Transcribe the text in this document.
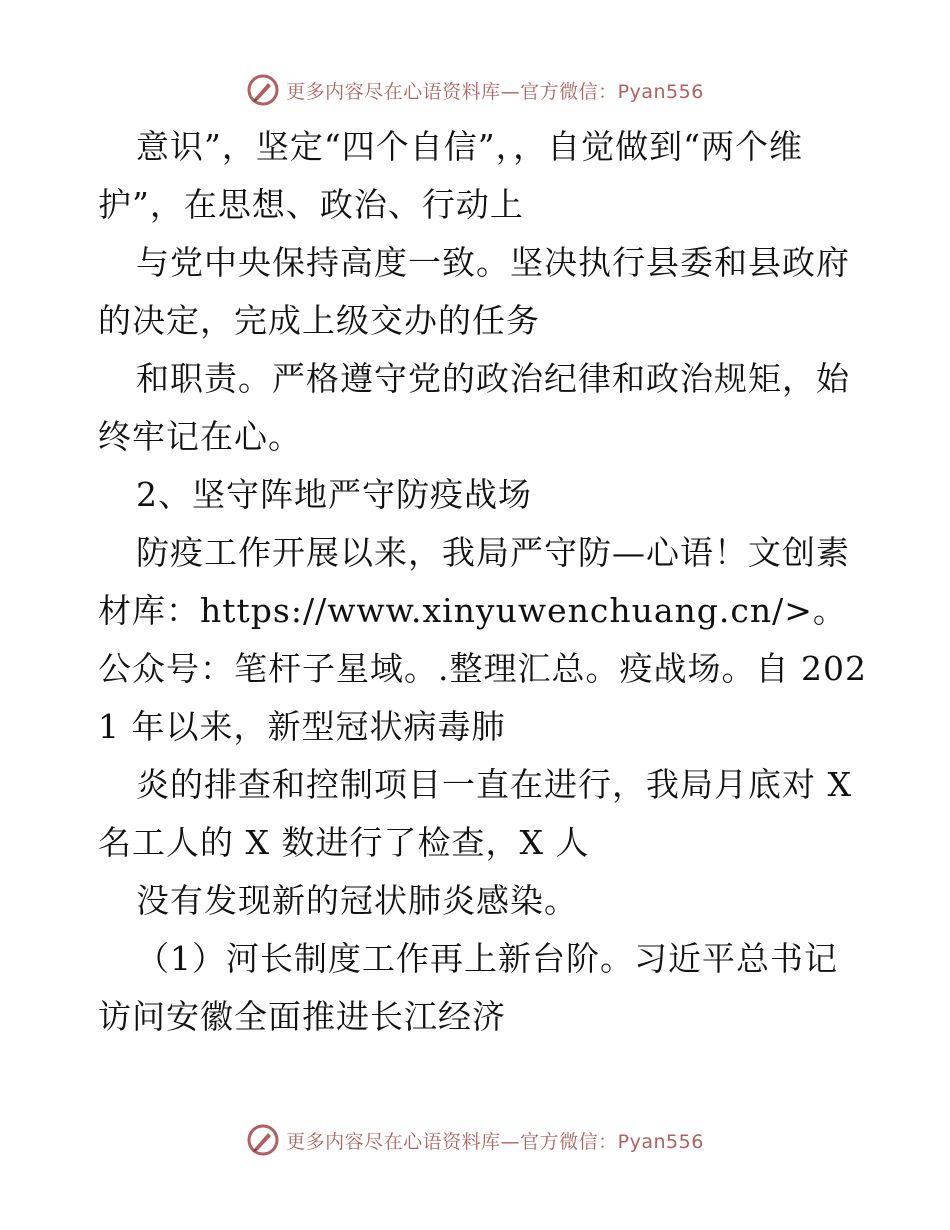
更多内容尽在心语资料库—官方微信：Pyan556

意识”，坚定“四个自信”，，自觉做到“两个维护”，在思想、政治、行动上

与党中央保持高度一致。坚决执行县委和县政府的决定，完成上级交办的任务

和职责。严格遵守党的政治纪律和政治规矩，始终牢记在心。

2、坚守阵地严守防疫战场

防疫工作开展以来，我局严守防—心语！文创素材库：https://www.xinyuwenchuang.cn/>。公众号：笔杆子星域。.整理汇总。疫战场。自 2021 年以来，新型冠状病毒肺

炎的排查和控制项目一直在进行，我局月底对 X 名工人的 X 数进行了检查，X 人

没有发现新的冠状肺炎感染。

（1）河长制度工作再上新台阶。习近平总书记访问安徽全面推进长江经济

更多内容尽在心语资料库—官方微信：Pyan556
